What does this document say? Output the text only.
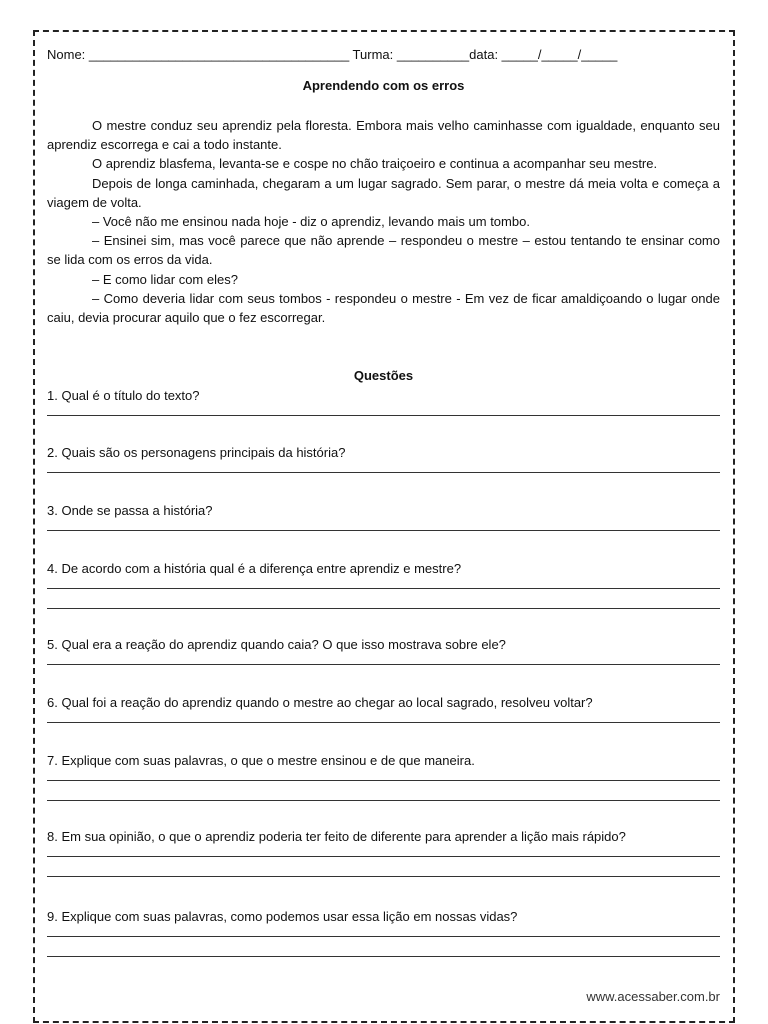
Nome: ____________________________________ Turma: __________data: _____/_____/_____
Aprendendo com os erros

O mestre conduz seu aprendiz pela floresta. Embora mais velho caminhasse com igualdade, enquanto seu aprendiz escorrega e cai a todo instante.

O aprendiz blasfema, levanta-se e cospe no chão traiçoeiro e continua a acompanhar seu mestre.

Depois de longa caminhada, chegaram a um lugar sagrado. Sem parar, o mestre dá meia volta e começa a viagem de volta.

– Você não me ensinou nada hoje - diz o aprendiz, levando mais um tombo.

– Ensinei sim, mas você parece que não aprende – respondeu o mestre – estou tentando te ensinar como se lida com os erros da vida.

– E como lidar com eles?

– Como deveria lidar com seus tombos - respondeu o mestre - Em vez de ficar amaldiçoando o lugar onde caiu, devia procurar aquilo que o fez escorregar.

Questões
1. Qual é o título do texto?
2. Quais são os personagens principais da história?
3. Onde se passa a história?
4. De acordo com a história qual é a diferença entre aprendiz e mestre?
5. Qual era a reação do aprendiz quando caia? O que isso mostrava sobre ele?
6. Qual foi a reação do aprendiz quando o mestre ao chegar ao local sagrado, resolveu voltar?
7. Explique com suas palavras, o que o mestre ensinou e de que maneira.
8. Em sua opinião, o que o aprendiz poderia ter feito de diferente para aprender a lição mais rápido?
9. Explique com suas palavras, como podemos usar essa lição em nossas vidas?
www.acessaber.com.br
